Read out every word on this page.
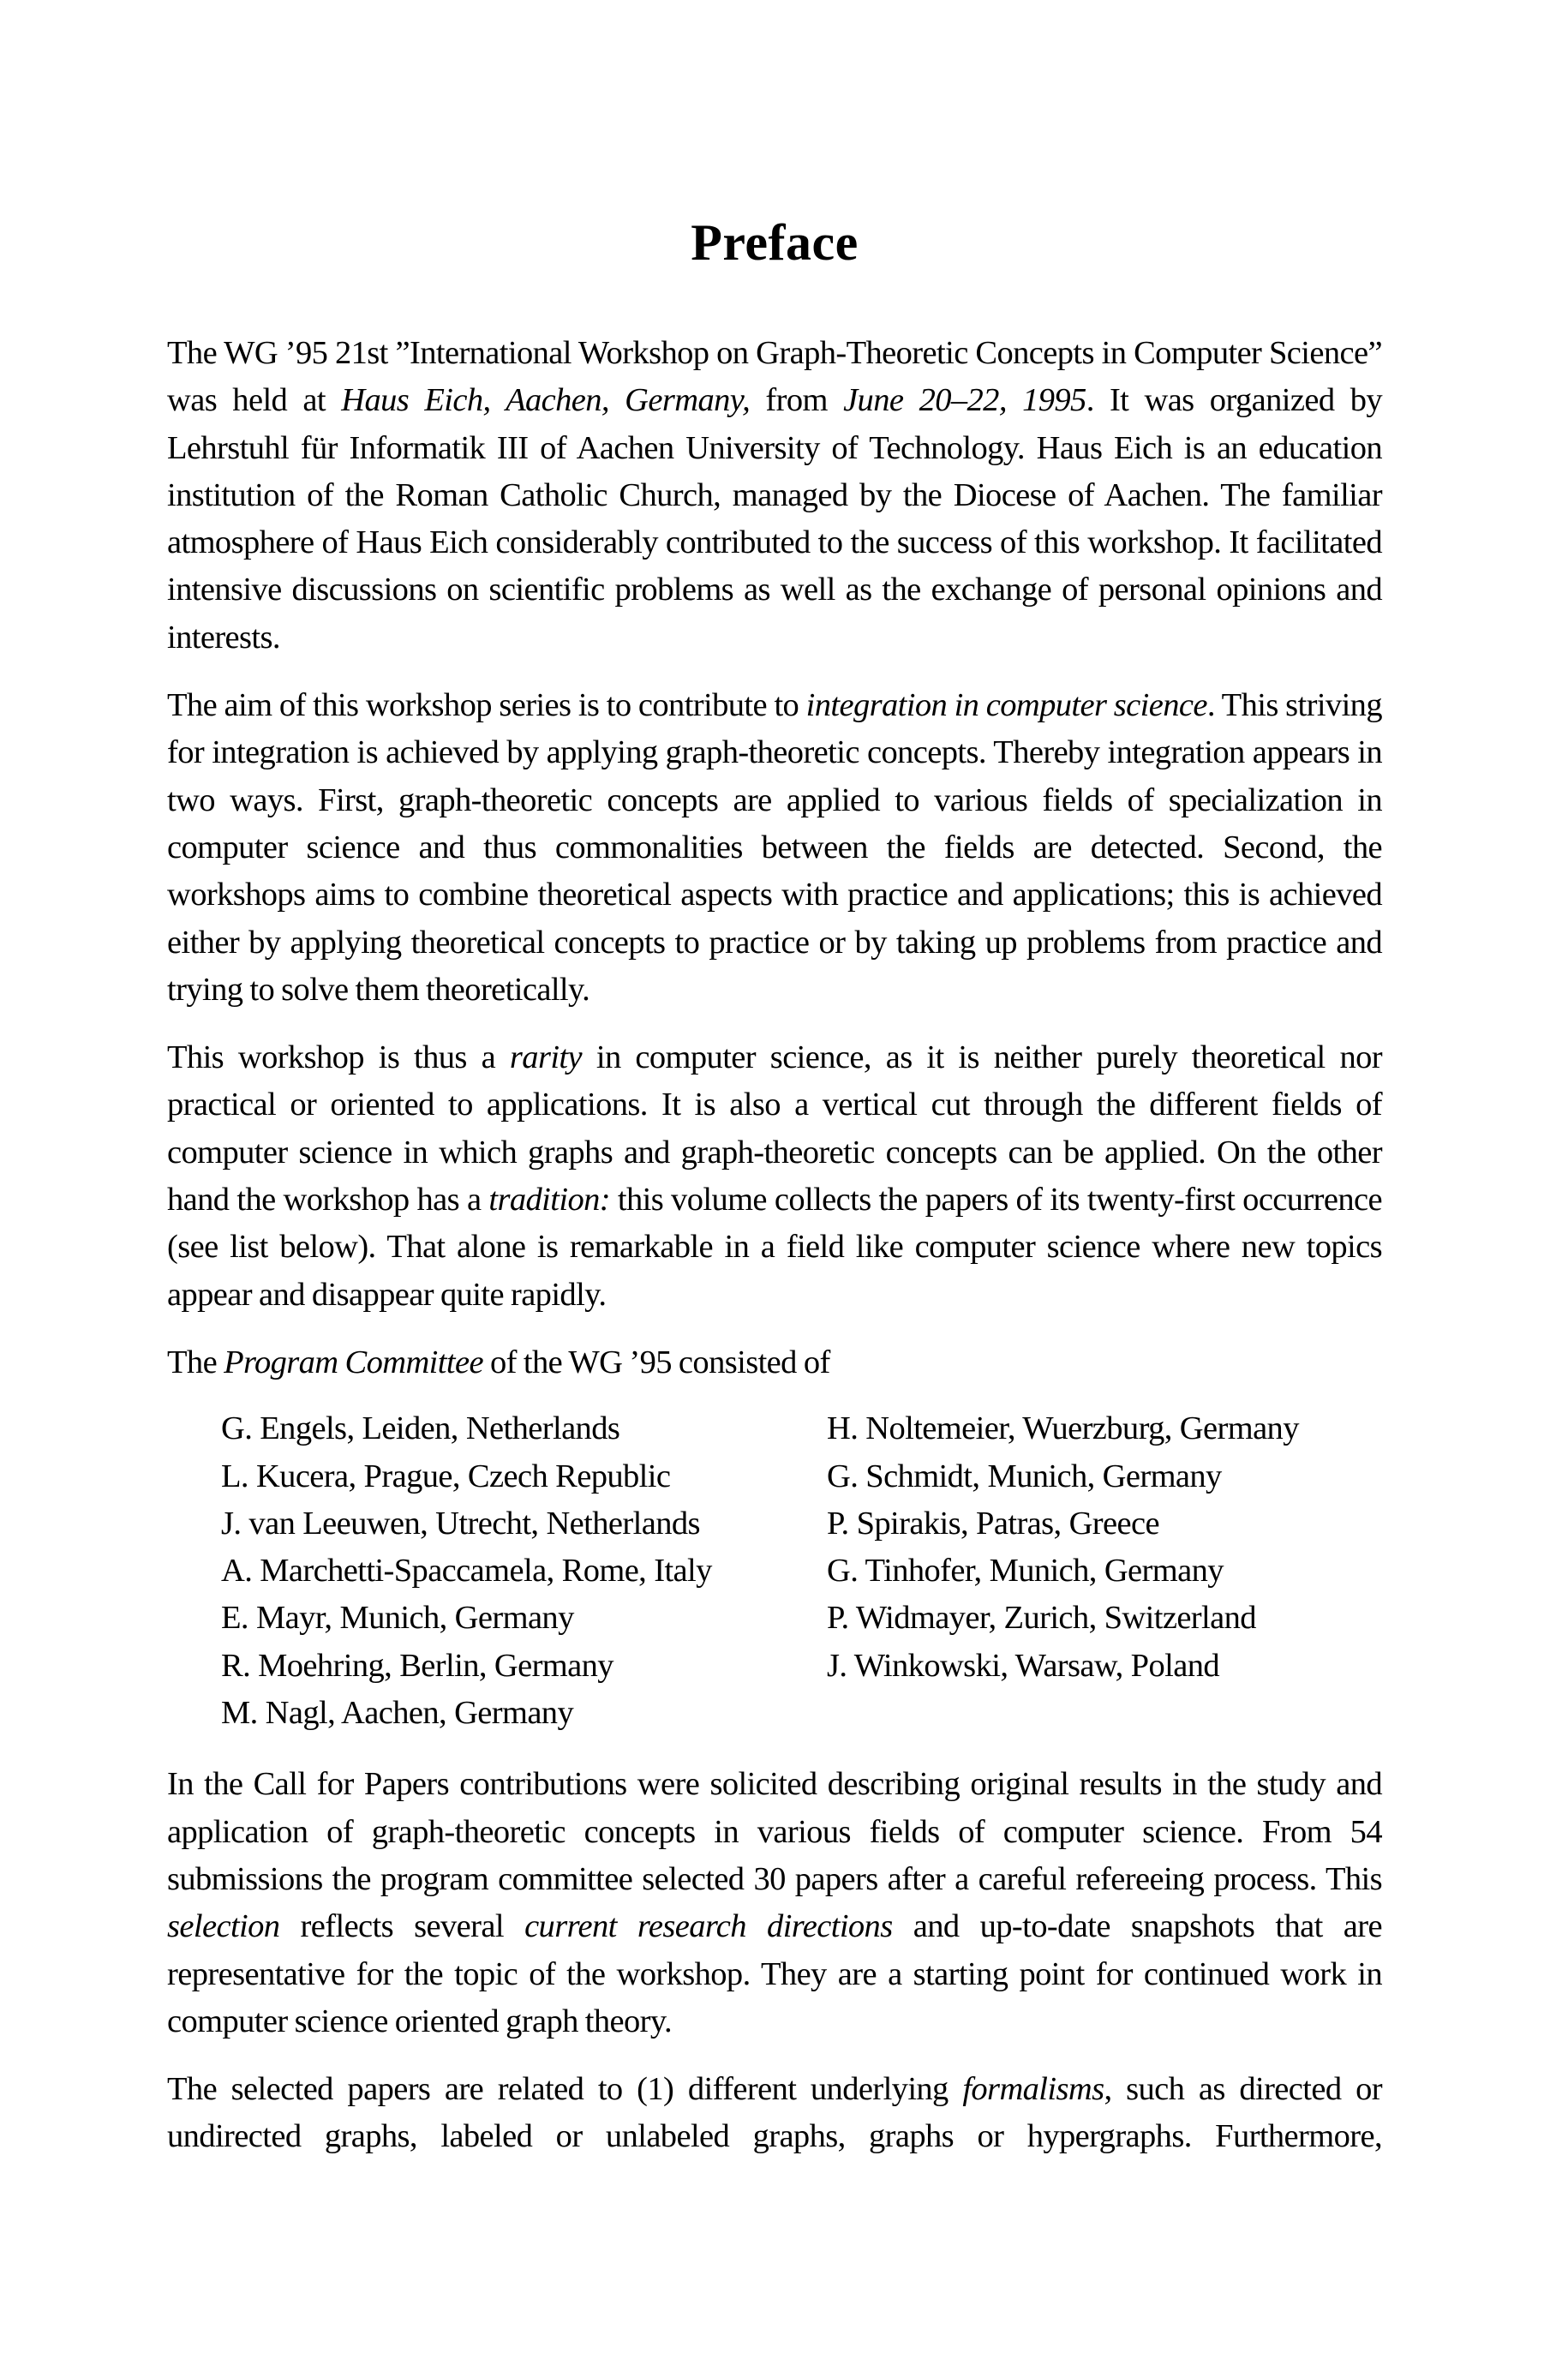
Preface

The WG ’95 21st ”International Workshop on Graph-Theoretic Concepts in Computer Science” was held at Haus Eich, Aachen, Germany, from June 20–22, 1995. It was organized by Lehrstuhl für Informatik III of Aachen University of Technology. Haus Eich is an education institution of the Roman Catholic Church, managed by the Diocese of Aachen. The familiar atmosphere of Haus Eich considerably contributed to the success of this workshop. It facilitated intensive discussions on scientific problems as well as the exchange of personal opinions and interests.

The aim of this workshop series is to contribute to integration in computer science. This striving for integration is achieved by applying graph-theoretic concepts. Thereby integration appears in two ways. First, graph-theoretic concepts are applied to various fields of specialization in computer science and thus commonalities between the fields are detected. Second, the workshops aims to combine theoretical aspects with practice and applications; this is achieved either by applying theoretical concepts to practice or by taking up problems from practice and trying to solve them theoretically.

This workshop is thus a rarity in computer science, as it is neither purely theoretical nor practical or oriented to applications. It is also a vertical cut through the different fields of computer science in which graphs and graph-theoretic concepts can be applied. On the other hand the workshop has a tradition: this volume collects the papers of its twenty-first occurrence (see list below). That alone is remarkable in a field like computer science where new topics appear and disappear quite rapidly.

The Program Committee of the WG ’95 consisted of

G. Engels, Leiden, Netherlands
L. Kucera, Prague, Czech Republic
J. van Leeuwen, Utrecht, Netherlands
A. Marchetti-Spaccamela, Rome, Italy
E. Mayr, Munich, Germany
R. Moehring, Berlin, Germany
M. Nagl, Aachen, Germany
H. Noltemeier, Wuerzburg, Germany
G. Schmidt, Munich, Germany
P. Spirakis, Patras, Greece
G. Tinhofer, Munich, Germany
P. Widmayer, Zurich, Switzerland
J. Winkowski, Warsaw, Poland

In the Call for Papers contributions were solicited describing original results in the study and application of graph-theoretic concepts in various fields of computer science. From 54 submissions the program committee selected 30 papers after a careful refereeing process. This selection reflects several current research directions and up-to-date snapshots that are representative for the topic of the workshop. They are a starting point for continued work in computer science oriented graph theory.

The selected papers are related to (1) different underlying formalisms, such as directed or undirected graphs, labeled or unlabeled graphs, graphs or hypergraphs. Furthermore,
